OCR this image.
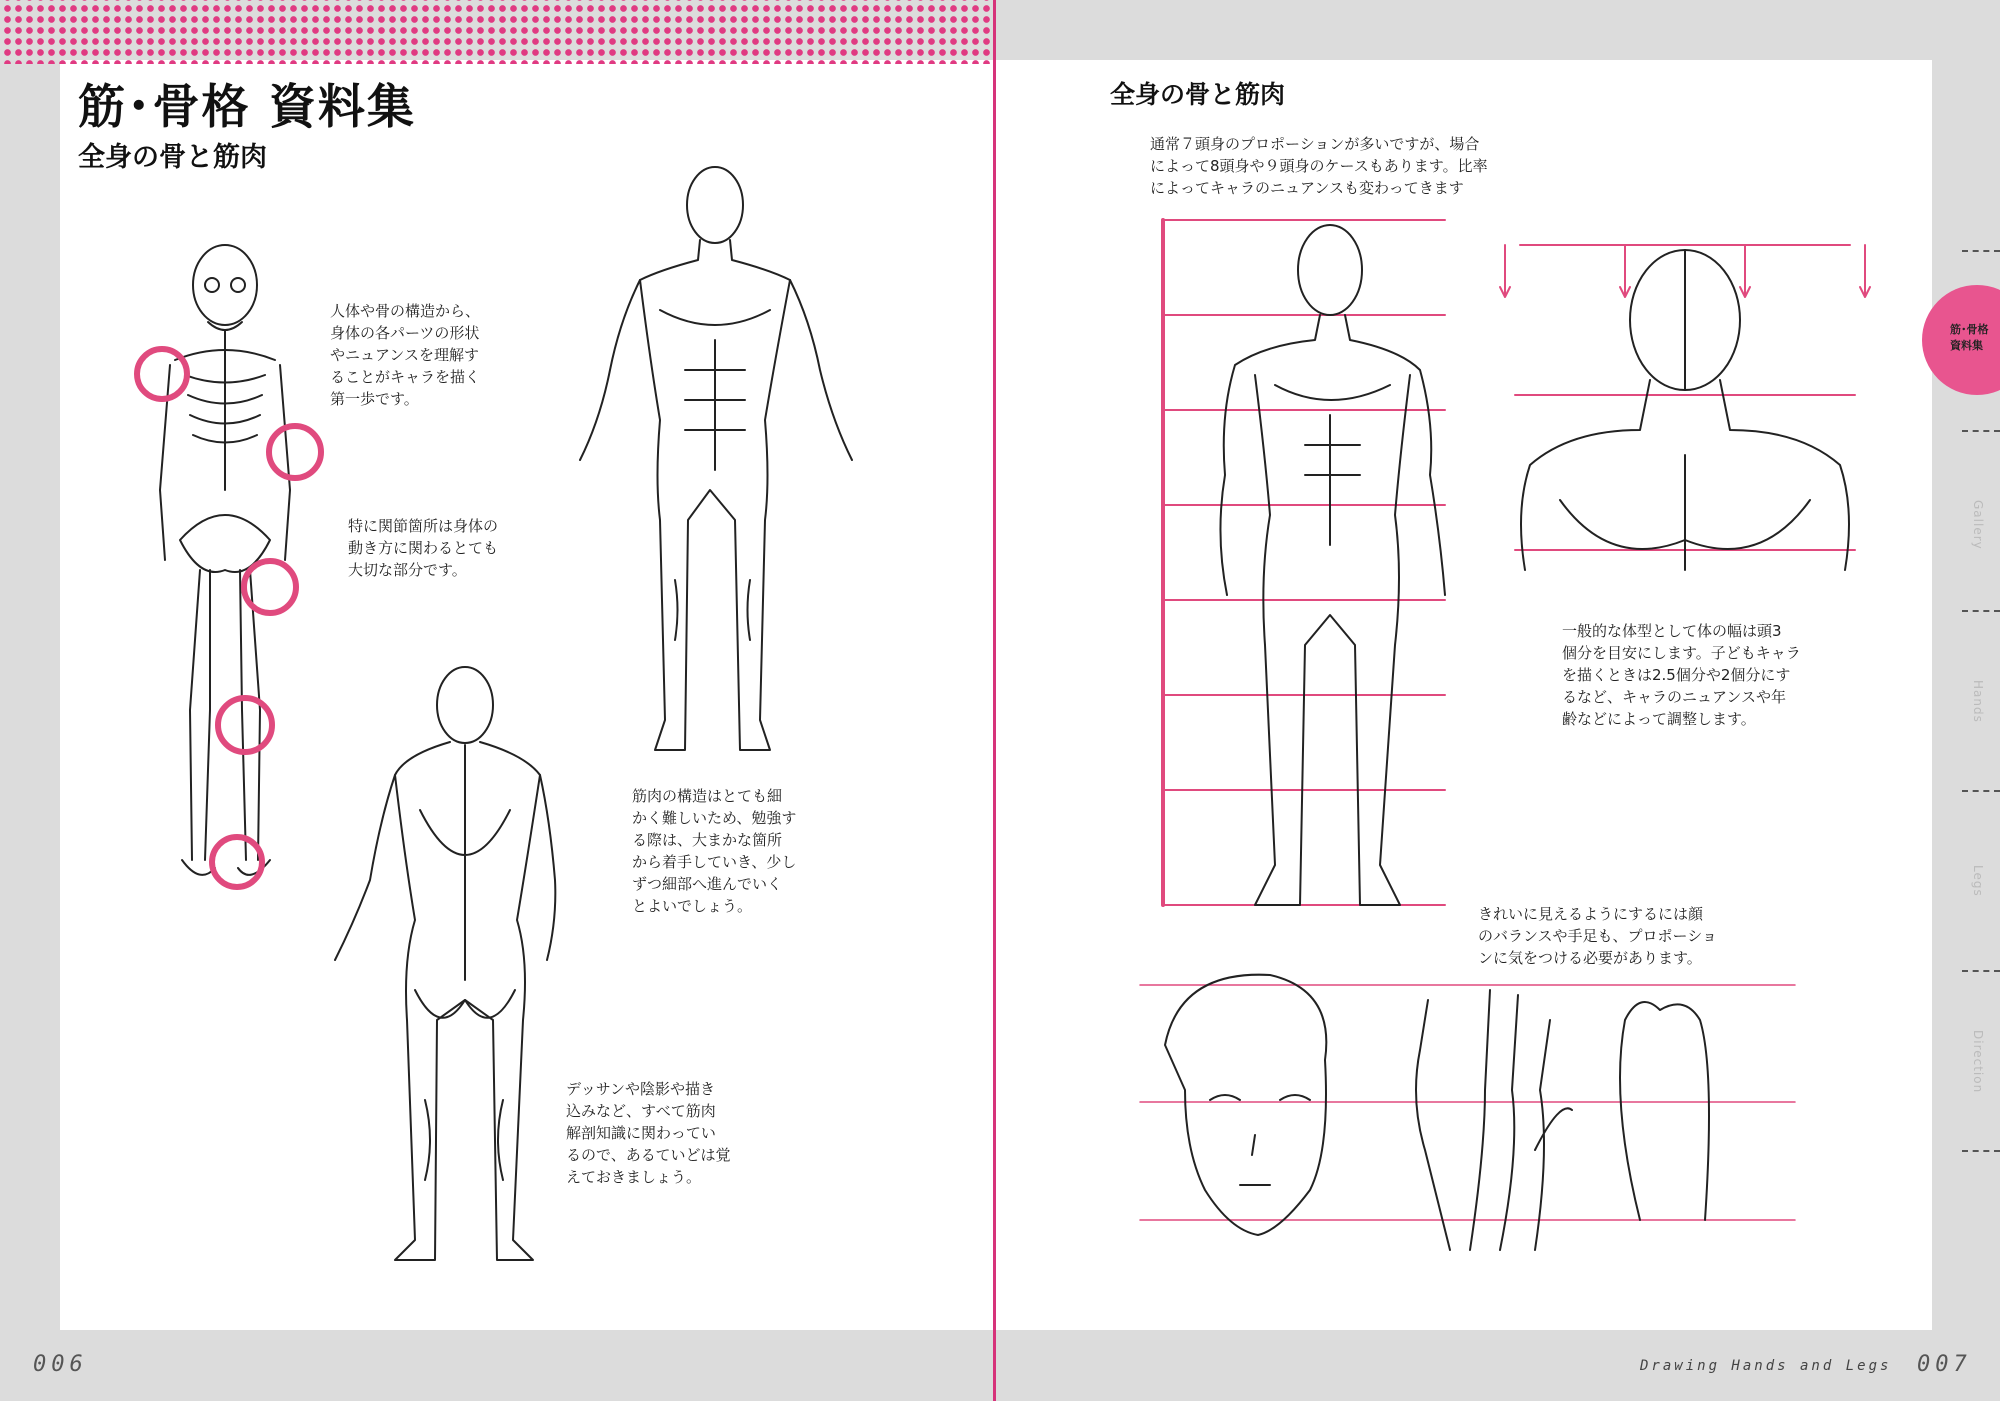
筋･骨格 資料集
全身の骨と筋肉
人体や骨の構造から、
身体の各パーツの形状
やニュアンスを理解す
ることがキャラを描く
第一歩です。
特に関節箇所は身体の
動き方に関わるとても
大切な部分です。
筋肉の構造はとても細
かく難しいため、勉強す
る際は、大まかな箇所
から着手していき、少し
ずつ細部へ進んでいく
とよいでしょう。
デッサンや陰影や描き
込みなど、すべて筋肉
解剖知識に関わってい
るので、あるていどは覚
えておきましょう。
006
全身の骨と筋肉
通常７頭身のプロポーションが多いですが、場合
によって8頭身や９頭身のケースもあります。比率
によってキャラのニュアンスも変わってきます
一般的な体型として体の幅は頭3
個分を目安にします。子どもキャラ
を描くときは2.5個分や2個分にす
るなど、キャラのニュアンスや年
齢などによって調整します。
きれいに見えるようにするには顔
のバランスや手足も、プロポーショ
ンに気をつける必要があります。
Drawing Hands and Legs 007
筋･骨格
資料集
Gallery
Hands
Legs
Direction
